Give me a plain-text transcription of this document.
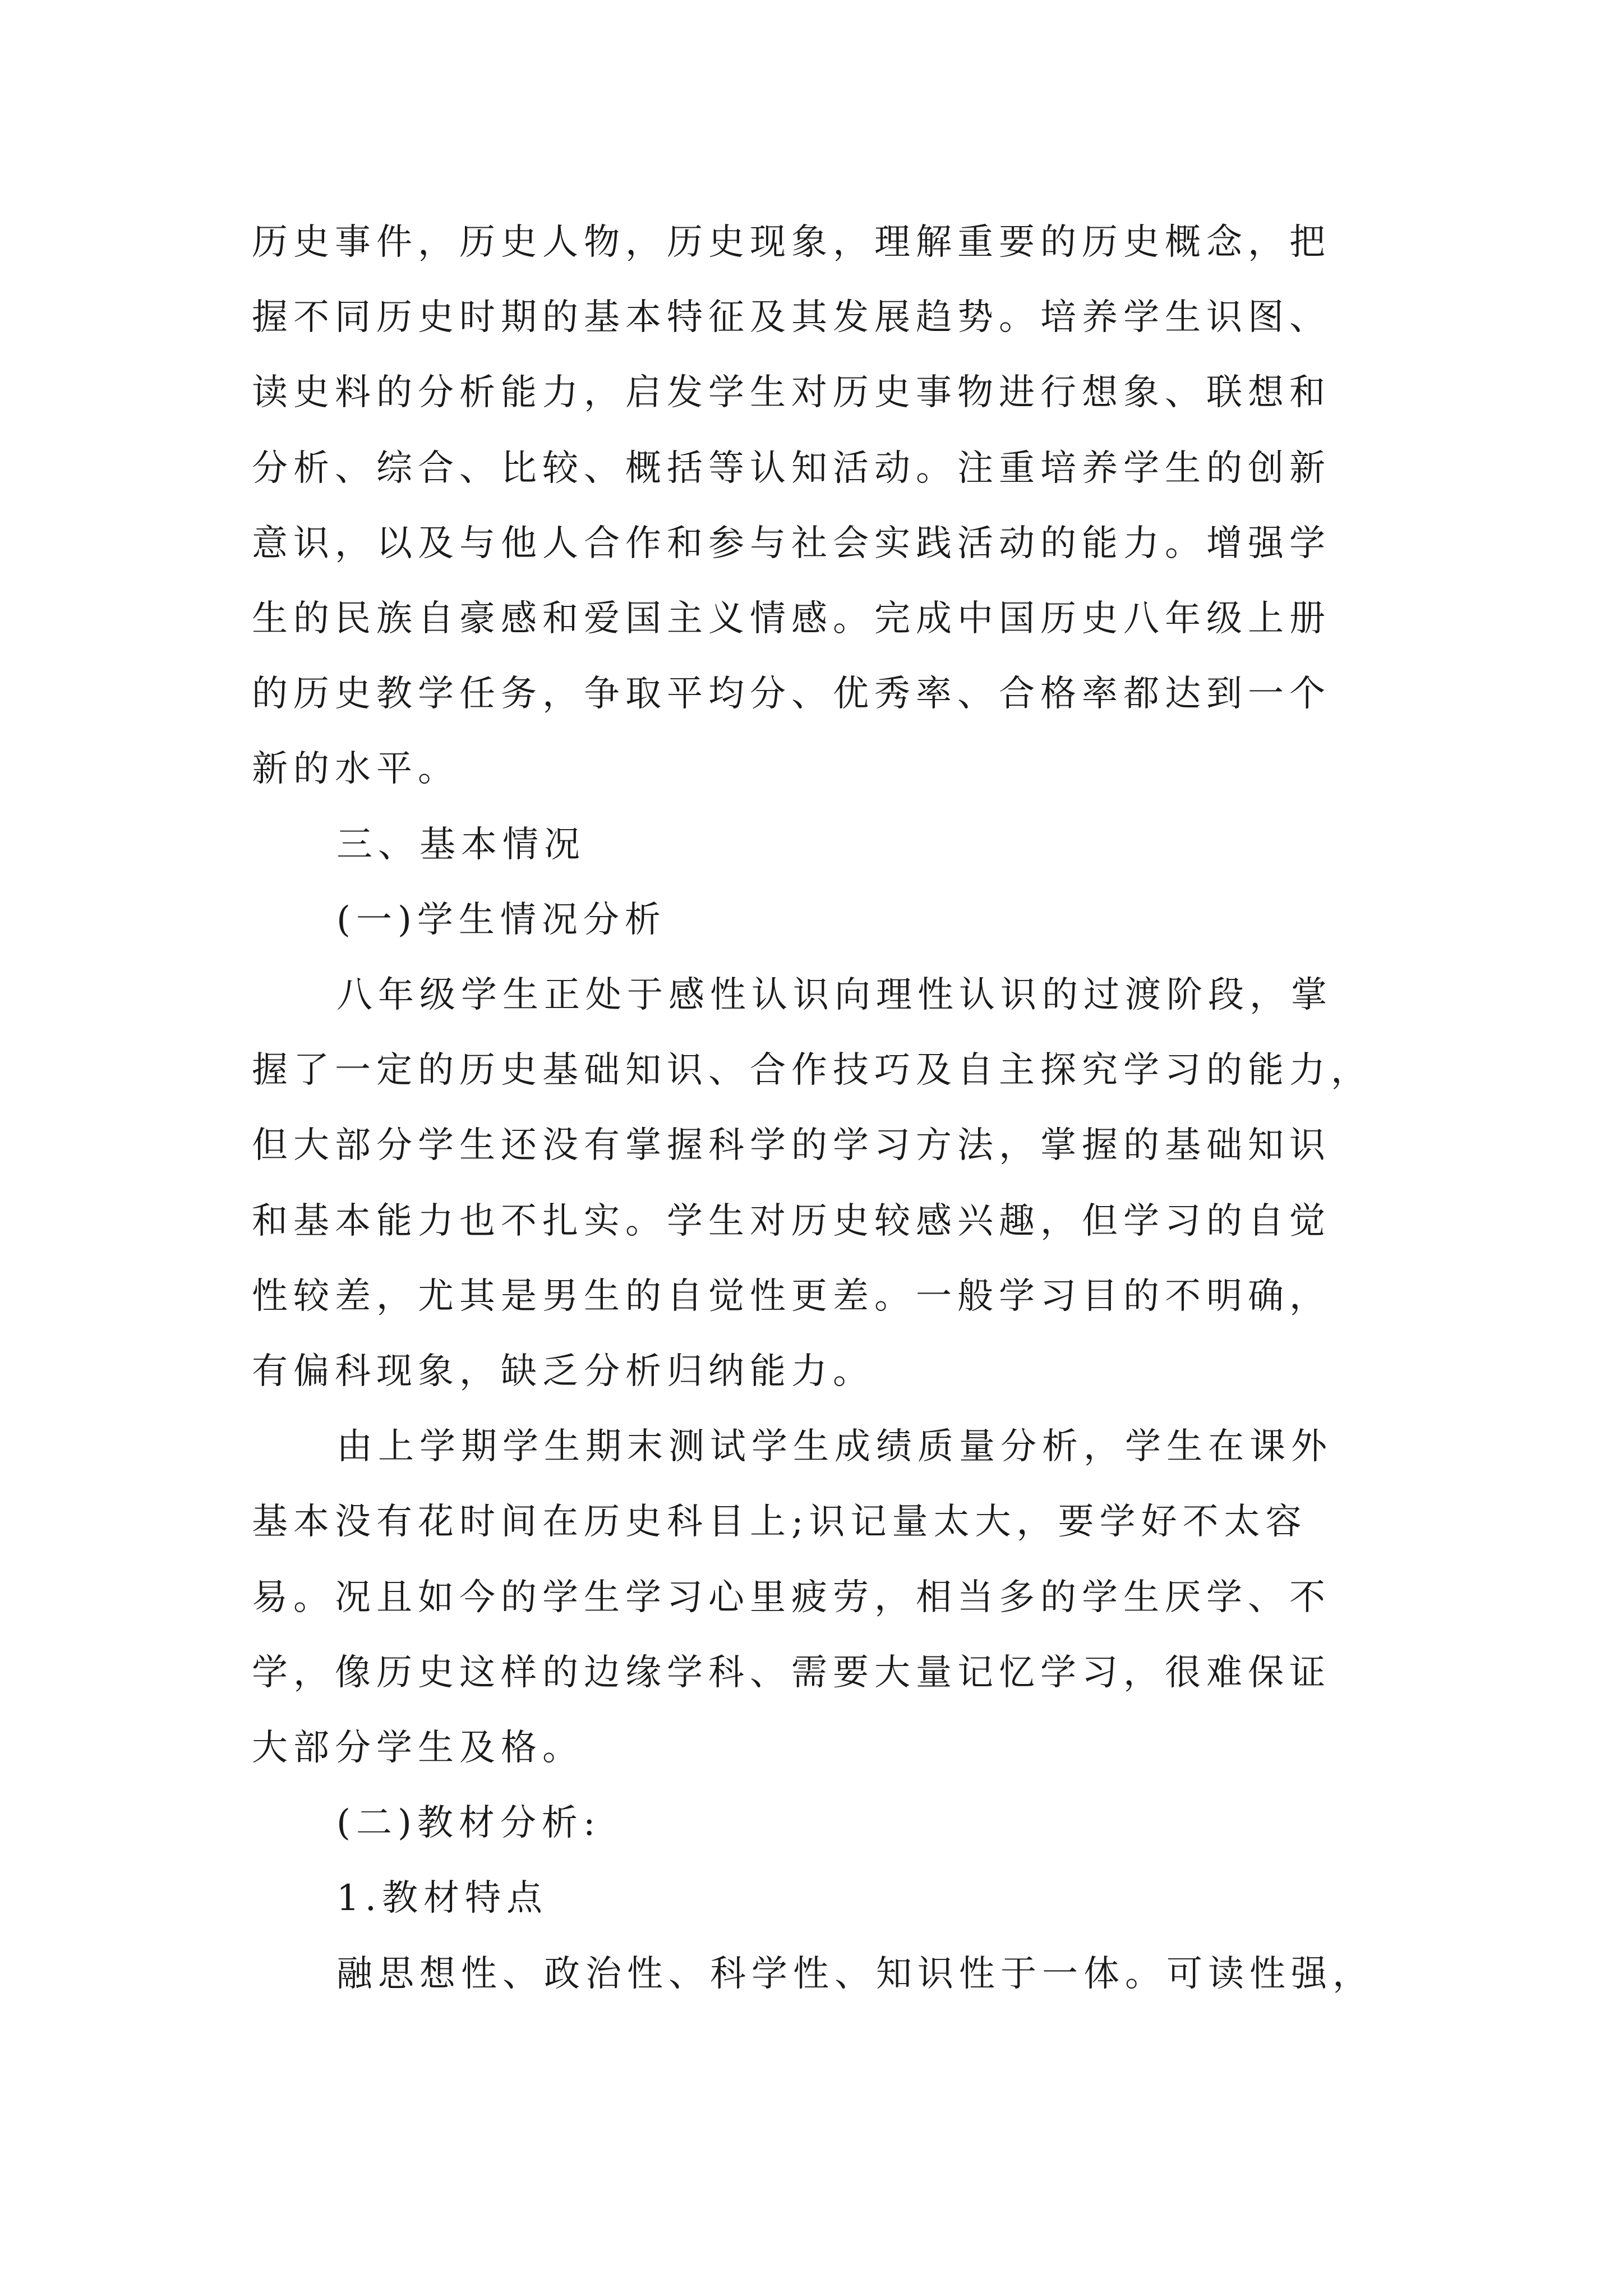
历史事件，历史人物，历史现象，理解重要的历史概念，把

握不同历史时期的基本特征及其发展趋势。培养学生识图、

读史料的分析能力，启发学生对历史事物进行想象、联想和

分析、综合、比较、概括等认知活动。注重培养学生的创新

意识，以及与他人合作和参与社会实践活动的能力。增强学

生的民族自豪感和爱国主义情感。完成中国历史八年级上册

的历史教学任务，争取平均分、优秀率、合格率都达到一个

新的水平。

三、基本情况

(一)学生情况分析

八年级学生正处于感性认识向理性认识的过渡阶段，掌

握了一定的历史基础知识、合作技巧及自主探究学习的能力，

但大部分学生还没有掌握科学的学习方法，掌握的基础知识

和基本能力也不扎实。学生对历史较感兴趣，但学习的自觉

性较差，尤其是男生的自觉性更差。一般学习目的不明确，

有偏科现象，缺乏分析归纳能力。

由上学期学生期末测试学生成绩质量分析，学生在课外

基本没有花时间在历史科目上;识记量太大，要学好不太容

易。况且如今的学生学习心里疲劳，相当多的学生厌学、不

学，像历史这样的边缘学科、需要大量记忆学习，很难保证

大部分学生及格。

(二)教材分析:

1.教材特点

融思想性、政治性、科学性、知识性于一体。可读性强，
